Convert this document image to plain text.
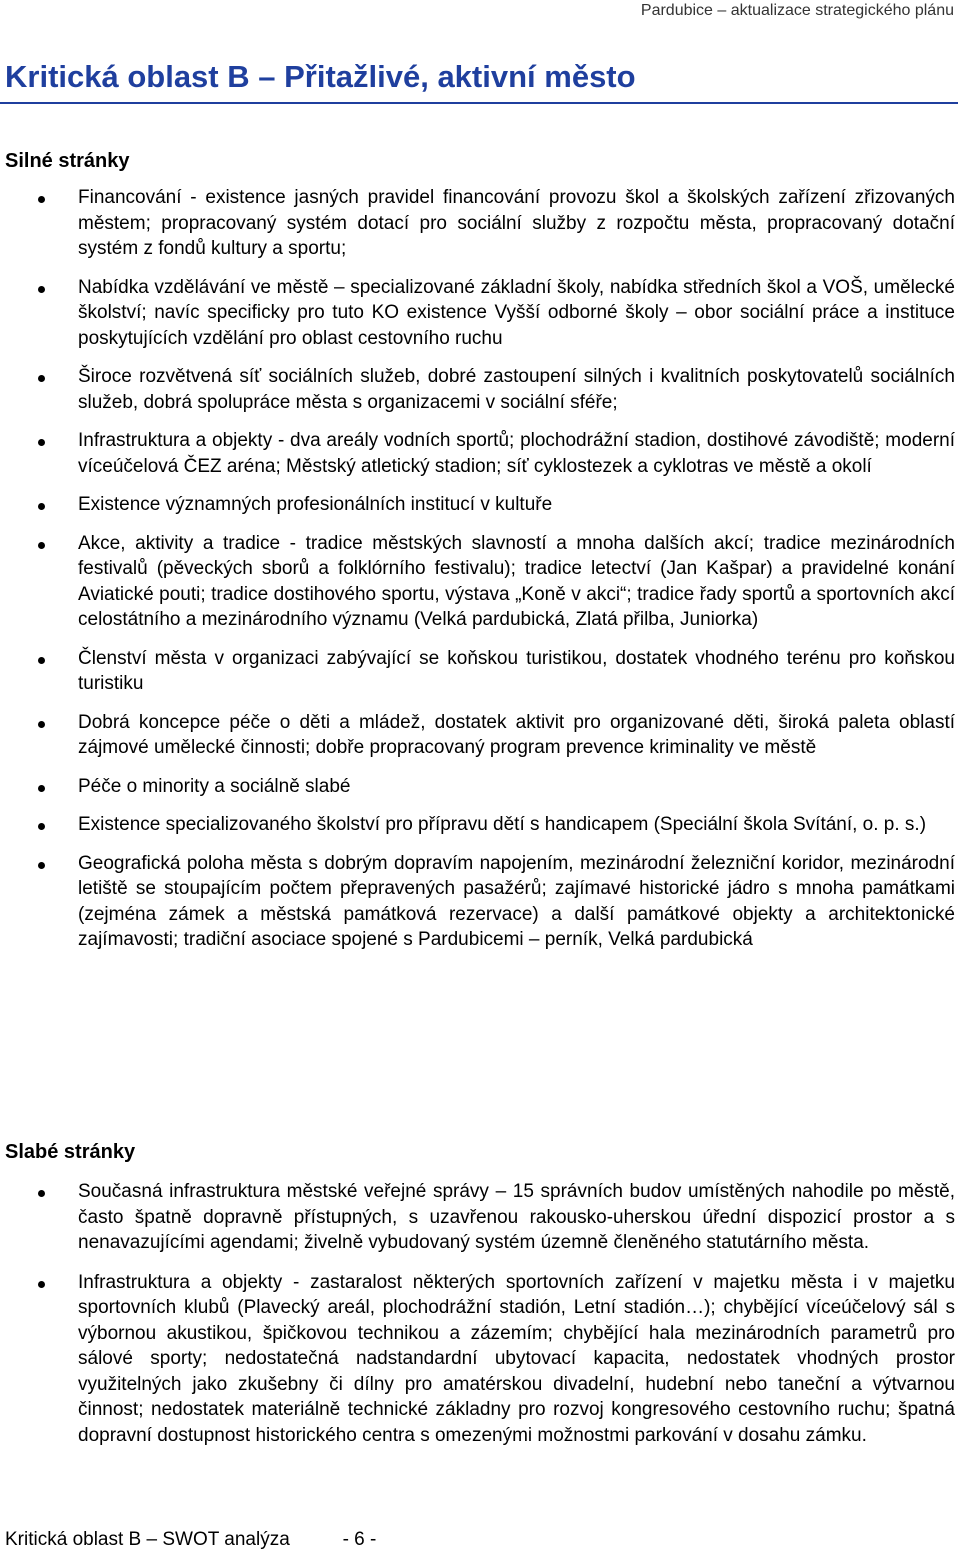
Pardubice – aktualizace strategického plánu
Kritická oblast B – Přitažlivé, aktivní město
Silné stránky
Financování - existence jasných pravidel financování provozu škol a školských zařízení zřizovaných městem; propracovaný systém dotací pro sociální služby z rozpočtu města, propracovaný dotační systém z fondů kultury a sportu;
Nabídka vzdělávání ve městě – specializované základní školy, nabídka středních škol a VOŠ, umělecké školství; navíc specificky pro tuto KO existence Vyšší odborné školy – obor sociální práce a instituce poskytujících vzdělání pro oblast cestovního ruchu
Široce rozvětvená síť sociálních služeb, dobré zastoupení silných i kvalitních poskytovatelů sociálních služeb, dobrá spolupráce města s organizacemi v sociální sféře;
Infrastruktura a objekty - dva areály vodních sportů; plochodrážní stadion, dostihové závodiště; moderní víceúčelová ČEZ aréna; Městský atletický stadion; síť cyklostezek a cyklotras ve městě a okolí
Existence významných profesionálních institucí v kultuře
Akce, aktivity a tradice - tradice městských slavností a mnoha dalších akcí; tradice mezinárodních festivalů (pěveckých sborů a folklórního festivalu); tradice letectví (Jan Kašpar) a pravidelné konání Aviatické pouti; tradice dostihového sportu, výstava „Koně v akci“; tradice řady sportů a sportovních akcí celostátního a mezinárodního významu (Velká pardubická, Zlatá přilba, Juniorka)
Členství města v organizaci zabývající se koňskou turistikou, dostatek vhodného terénu pro koňskou turistiku
Dobrá koncepce péče o děti a mládež, dostatek aktivit pro organizované děti, široká paleta oblastí zájmové umělecké činnosti; dobře propracovaný program prevence kriminality ve městě
Péče o minority a sociálně slabé
Existence specializovaného školství pro přípravu dětí s handicapem (Speciální škola Svítání, o. p. s.)
Geografická poloha města s dobrým dopravím napojením, mezinárodní železniční koridor, mezinárodní letiště se stoupajícím počtem přepravených pasažérů; zajímavé historické jádro s mnoha památkami (zejména zámek a městská památková rezervace) a další památkové objekty a architektonické zajímavosti; tradiční asociace spojené s Pardubicemi – perník, Velká pardubická
Slabé stránky
Současná infrastruktura městské veřejné správy – 15 správních budov umístěných nahodile po městě, často špatně dopravně přístupných, s uzavřenou rakousko-uherskou úřední dispozicí prostor a s nenavazujícími agendami; živelně vybudovaný systém územně členěného statutárního města.
Infrastruktura a objekty - zastaralost některých sportovních zařízení v majetku města i v majetku sportovních klubů (Plavecký areál, plochodrážní stadión, Letní stadión…); chybějící víceúčelový sál s výbornou akustikou, špičkovou technikou a zázemím; chybějící hala mezinárodních parametrů pro sálové sporty; nedostatečná nadstandardní ubytovací kapacita, nedostatek vhodných prostor využitelných jako zkušebny či dílny pro amatérskou divadelní, hudební nebo taneční a výtvarnou činnost; nedostatek materiálně technické základny pro rozvoj kongresového cestovního ruchu; špatná dopravní dostupnost historického centra s omezenými možnostmi parkování v dosahu zámku.
Kritická oblast B – SWOT analýza	- 6 -
